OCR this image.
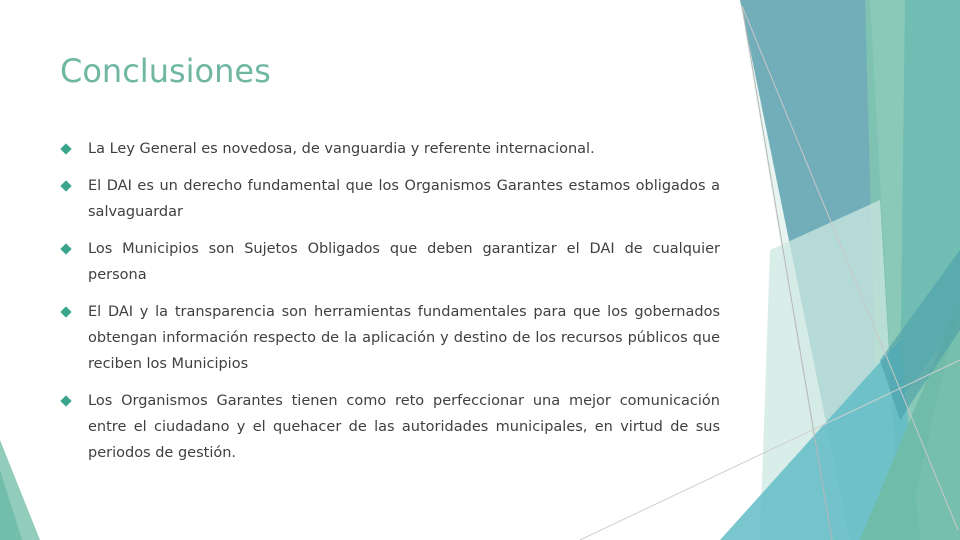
Conclusiones
La Ley General es novedosa, de vanguardia y referente internacional.
El DAI es un derecho fundamental que los Organismos Garantes estamos obligados a salvaguardar
Los Municipios son Sujetos Obligados que deben garantizar el DAI de cualquier persona
El DAI y la transparencia son herramientas fundamentales para que los gobernados obtengan información respecto de la aplicación y destino de los recursos públicos que reciben los Municipios
Los Organismos Garantes tienen como reto perfeccionar una mejor comunicación entre el ciudadano y el quehacer de las autoridades municipales, en virtud de sus periodos de gestión.
